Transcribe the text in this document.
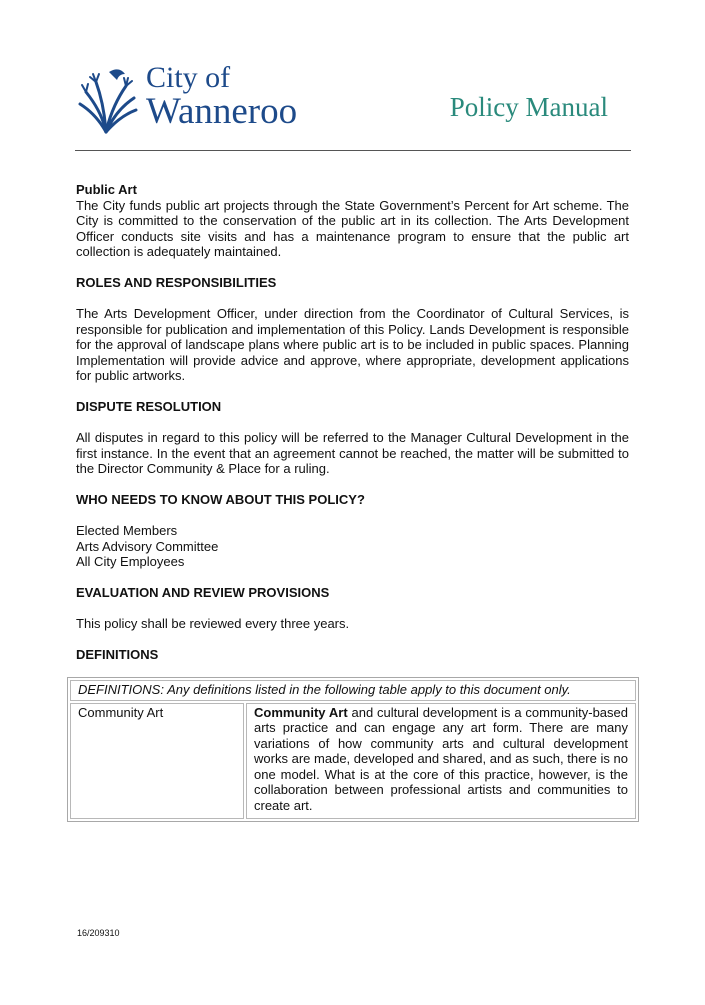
City of
Wanneroo	Policy Manual

Public Art

The City funds public art projects through the State Government’s Percent for Art scheme. The City is committed to the conservation of the public art in its collection. The Arts Development Officer conducts site visits and has a maintenance program to ensure that the public art collection is adequately maintained.

ROLES AND RESPONSIBILITIES

The Arts Development Officer, under direction from the Coordinator of Cultural Services, is responsible for publication and implementation of this Policy. Lands Development is responsible for the approval of landscape plans where public art is to be included in public spaces. Planning Implementation will provide advice and approve, where appropriate, development applications for public artworks.

DISPUTE RESOLUTION

All disputes in regard to this policy will be referred to the Manager Cultural Development in the first instance. In the event that an agreement cannot be reached, the matter will be submitted to the Director Community & Place for a ruling.

WHO NEEDS TO KNOW ABOUT THIS POLICY?

Elected Members

Arts Advisory Committee

All City Employees

EVALUATION AND REVIEW PROVISIONS

This policy shall be reviewed every three years.

DEFINITIONS

DEFINITIONS: Any definitions listed in the following table apply to this document only.
Community Art	Community Art and cultural development is a community-based arts practice and can engage any art form. There are many variations of how community arts and cultural development works are made, developed and shared, and as such, there is no one model. What is at the core of this practice, however, is the collaboration between professional artists and communities to create art.
16/209310
